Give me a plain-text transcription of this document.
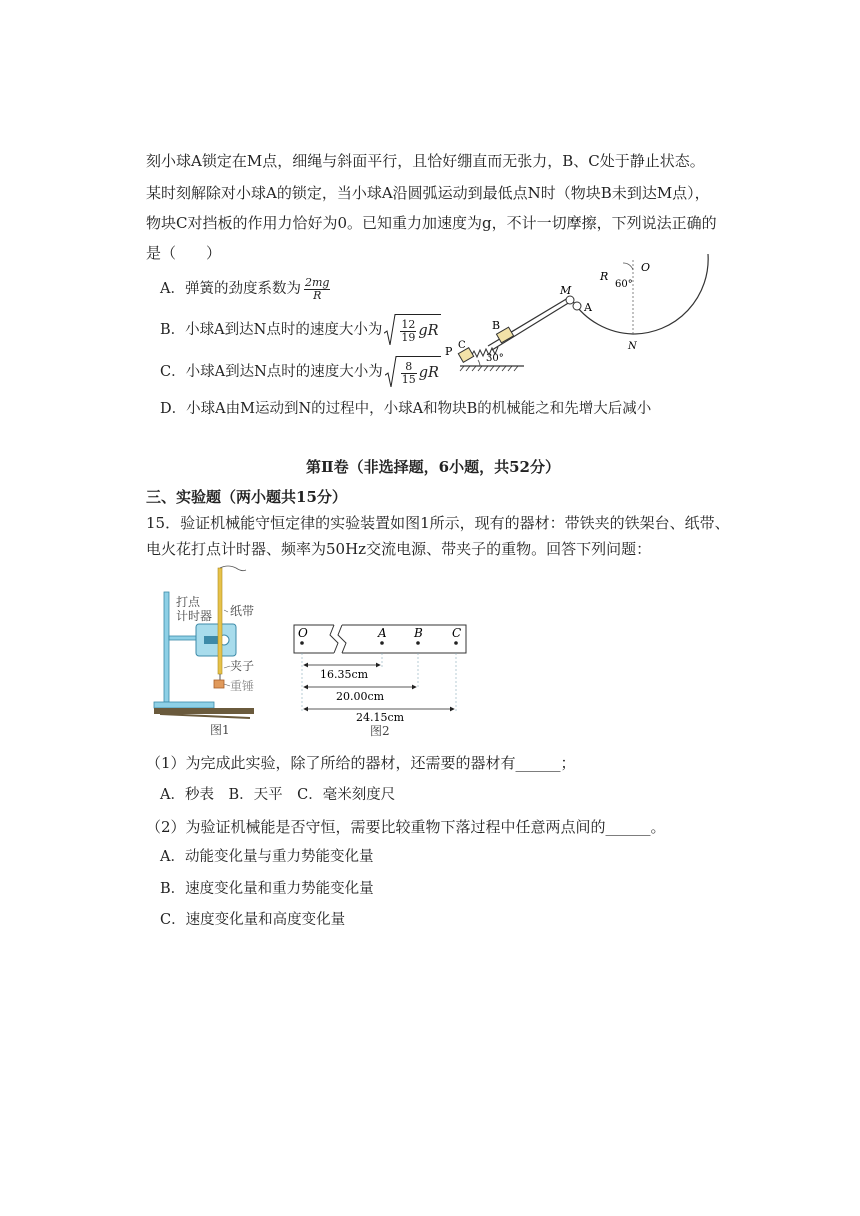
刻小球A锁定在M点，细绳与斜面平行，且恰好绷直而无张力，B、C处于静止状态。
某时刻解除对小球A的锁定，当小球A沿圆弧运动到最低点N时（物块B未到达M点），
物块C对挡板的作用力恰好为0。已知重力加速度为g，不计一切摩擦，下列说法正确的
是（　　）
A．弹簧的劲度系数为 $\frac{2mg}{R}$
B．小球A到达N点时的速度大小为 $\frac{12}{19}$ gR
C．小球A到达N点时的速度大小为 $\frac{8}{15}$ gR
D．小球A由M运动到N的过程中，小球A和物块B的机械能之和先增大后减小
R
O
60°
M
A
B
C
P
30°
N
第Ⅱ卷（非选择题，6小题，共52分）
三、实验题（两小题共15分）
15．验证机械能守恒定律的实验装置如图1所示，现有的器材：带铁夹的铁架台、纸带、
电火花打点计时器、频率为50Hz交流电源、带夹子的重物。回答下列问题：
打点
计时器 纸带
夹子
重锤
图1
O	A B C
16.35cm
20.00cm
24.15cm
图2
（1）为完成此实验，除了所给的器材，还需要的器材有______；
A．秒表　B．天平　C．毫米刻度尺
（2）为验证机械能是否守恒，需要比较重物下落过程中任意两点间的______。
A．动能变化量与重力势能变化量
B．速度变化量和重力势能变化量
C．速度变化量和高度变化量
